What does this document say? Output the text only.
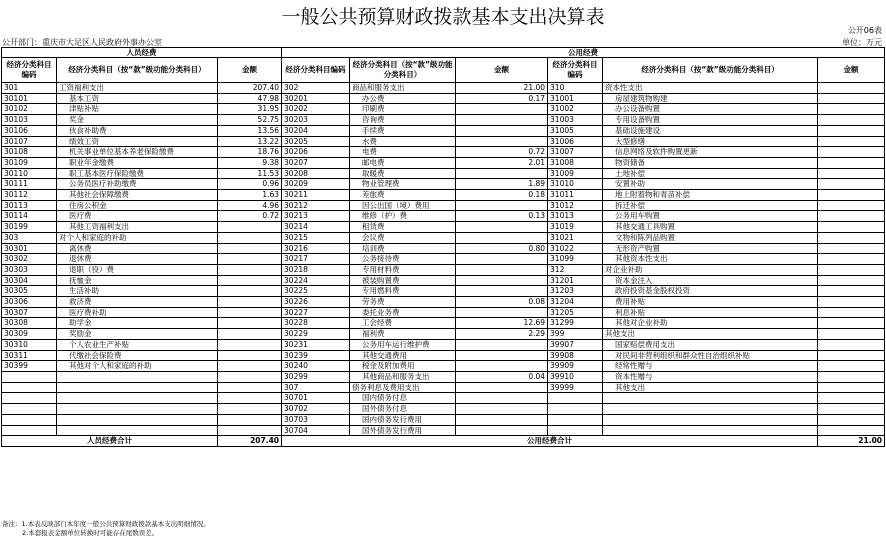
一般公共预算财政拨款基本支出决算表
公开06表
公开部门：重庆市大足区人民政府外事办公室	单位：万元
人员经费			公用经费					
经济分类科目编码	经济分类科目（按“款”级功能分类科目）	金额	经济分类科目编码	经济分类科目（按“款”级功能分类科目）	金额	经济分类科目编码	经济分类科目（按“款”级功能分类科目）	金额
301	工资福利支出	207.40	302	商品和服务支出	21.00	310	资本性支出	
30101	基本工资	47.98	30201	办公费	0.17	31001	房屋建筑物购建	
30102	津贴补贴	31.95	30202	印刷费		31002	办公设备购置	
30103	奖金	52.75	30203	咨询费		31003	专用设备购置	
30106	伙食补助费	13.56	30204	手续费		31005	基础设施建设	
30107	绩效工资	13.22	30205	水费		31006	大型修缮	
30108	机关事业单位基本养老保险缴费	18.76	30206	电费	0.72	31007	信息网络及软件购置更新	
30109	职业年金缴费	9.38	30207	邮电费	2.01	31008	物资储备	
30110	职工基本医疗保险缴费	11.53	30208	取暖费		31009	土地补偿	
30111	公务员医疗补助缴费	0.96	30209	物业管理费	1.89	31010	安置补助	
30112	其他社会保障缴费	1.63	30211	差旅费	0.18	31011	地上附着物和青苗补偿	
30113	住房公积金	4.96	30212	因公出国（境）费用		31012	拆迁补偿	
30114	医疗费	0.72	30213	维修（护）费	0.13	31013	公务用车购置	
30199	其他工资福利支出		30214	租赁费		31019	其他交通工具购置	
303	对个人和家庭的补助		30215	会议费		31021	文物和陈列品购置	
30301	离休费		30216	培训费	0.80	31022	无形资产购置	
30302	退休费		30217	公务接待费		31099	其他资本性支出	
30303	退职（役）费		30218	专用材料费		312	对企业补助	
30304	抚恤金		30224	被装购置费		31201	资本金注入	
30305	生活补助		30225	专用燃料费		31203	政府投资基金股权投资	
30306	救济费		30226	劳务费	0.08	31204	费用补贴	
30307	医疗费补助		30227	委托业务费		31205	利息补贴	
30308	助学金		30228	工会经费	12.69	31299	其他对企业补助	
30309	奖励金		30229	福利费	2.29	399	其他支出	
30310	个人农业生产补贴		30231	公务用车运行维护费		39907	国家赔偿费用支出	
30311	代缴社会保险费		30239	其他交通费用		39908	对民间非营利组织和群众性自治组织补贴	
30399	其他对个人和家庭的补助		30240	税金及附加费用		39909	经常性赠与	
			30299	其他商品和服务支出	0.04	39910	资本性赠与	
			307	债务利息及费用支出		39999	其他支出	
			30701	国内债务付息				
			30702	国外债务付息				
			30703	国内债务发行费用				
			30704	国外债务发行费用				
人员经费合计		207.40	公用经费合计					21.00
备注：1.本表反映部门本年度一般公共预算财政拨款基本支出明细情况。
2.本套报表金额单位转换时可能存在尾数误差。
